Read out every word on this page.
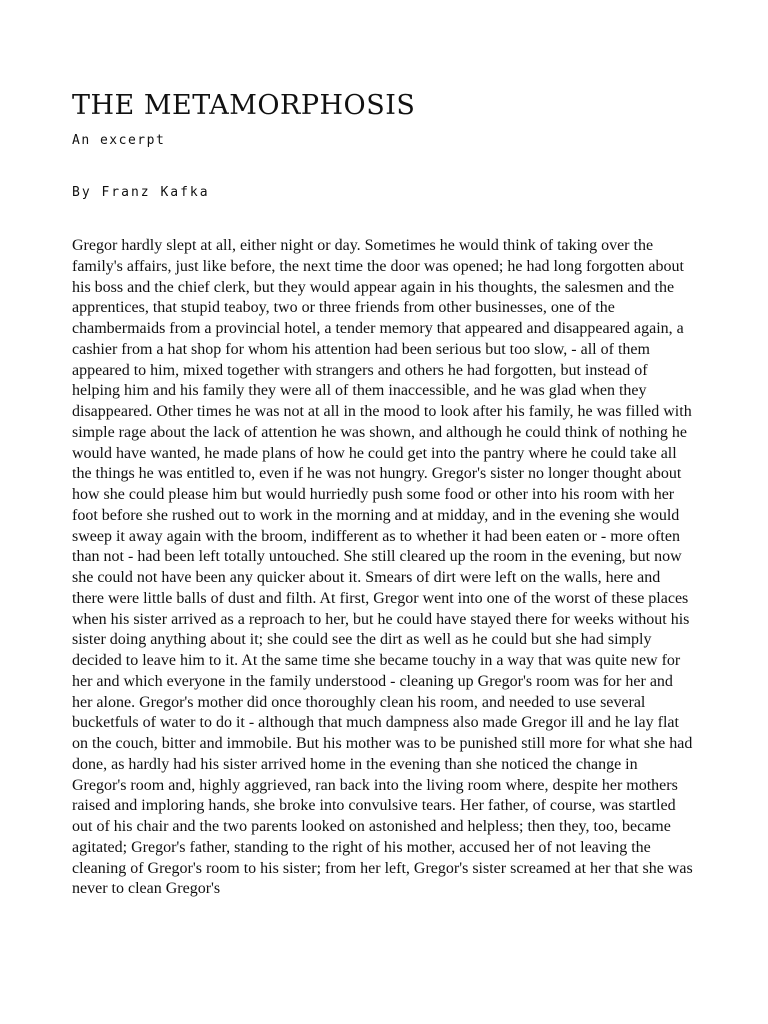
THE METAMORPHOSIS

An excerpt

By Franz Kafka

Gregor hardly slept at all, either night or day. Sometimes he would think of taking over the family's affairs, just like before, the next time the door was opened; he had long forgotten about his boss and the chief clerk, but they would appear again in his thoughts, the salesmen and the apprentices, that stupid teaboy, two or three friends from other businesses, one of the chambermaids from a provincial hotel, a tender memory that appeared and disappeared again, a cashier from a hat shop for whom his attention had been serious but too slow, - all of them appeared to him, mixed together with strangers and others he had forgotten, but instead of helping him and his family they were all of them inaccessible, and he was glad when they disappeared. Other times he was not at all in the mood to look after his family, he was filled with simple rage about the lack of attention he was shown, and although he could think of nothing he would have wanted, he made plans of how he could get into the pantry where he could take all the things he was entitled to, even if he was not hungry. Gregor's sister no longer thought about how she could please him but would hurriedly push some food or other into his room with her foot before she rushed out to work in the morning and at midday, and in the evening she would sweep it away again with the broom, indifferent as to whether it had been eaten or - more often than not - had been left totally untouched. She still cleared up the room in the evening, but now she could not have been any quicker about it. Smears of dirt were left on the walls, here and there were little balls of dust and filth. At first, Gregor went into one of the worst of these places when his sister arrived as a reproach to her, but he could have stayed there for weeks without his sister doing anything about it; she could see the dirt as well as he could but she had simply decided to leave him to it. At the same time she became touchy in a way that was quite new for her and which everyone in the family understood - cleaning up Gregor's room was for her and her alone. Gregor's mother did once thoroughly clean his room, and needed to use several bucketfuls of water to do it - although that much dampness also made Gregor ill and he lay flat on the couch, bitter and immobile. But his mother was to be punished still more for what she had done, as hardly had his sister arrived home in the evening than she noticed the change in Gregor's room and, highly aggrieved, ran back into the living room where, despite her mothers raised and imploring hands, she broke into convulsive tears. Her father, of course, was startled out of his chair and the two parents looked on astonished and helpless; then they, too, became agitated; Gregor's father, standing to the right of his mother, accused her of not leaving the cleaning of Gregor's room to his sister; from her left, Gregor's sister screamed at her that she was never to clean Gregor's
